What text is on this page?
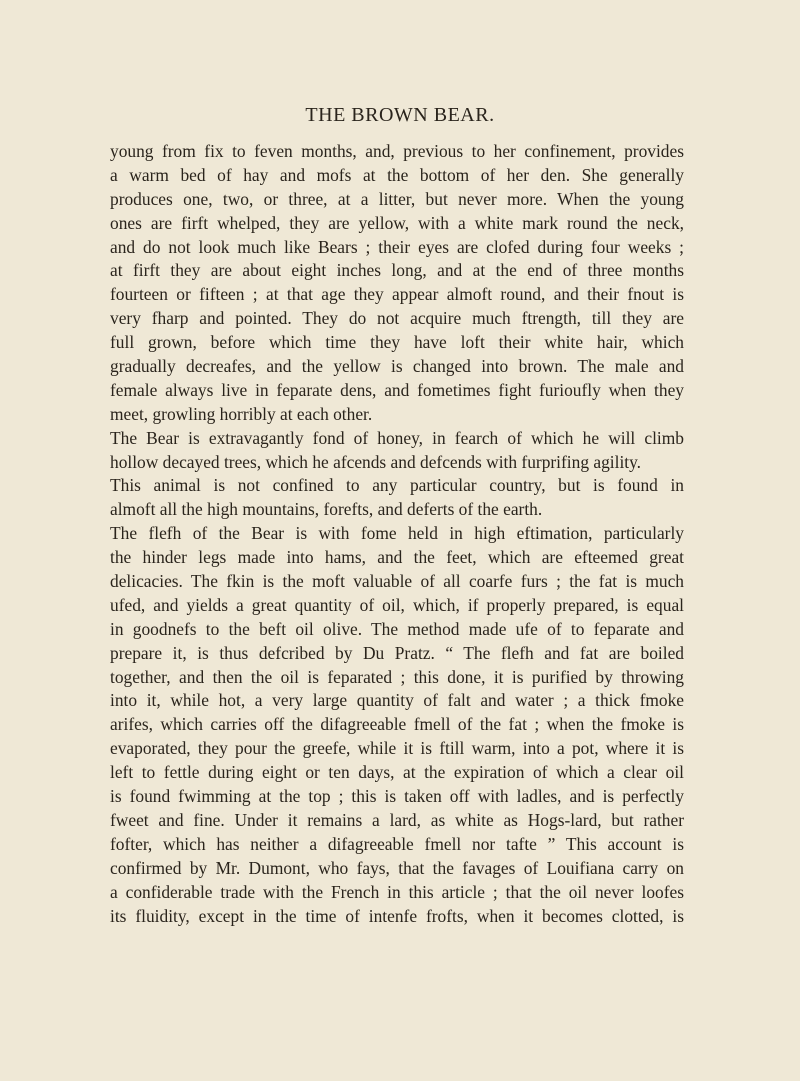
THE BROWN BEAR.
young from fix to feven months, and, previous to her confinement, provides
a warm bed of hay and mofs at the bottom of her den. She generally
produces one, two, or three, at a litter, but never more. When the young
ones are firft whelped, they are yellow, with a white mark round the neck,
and do not look much like Bears ; their eyes are clofed during four weeks ;
at firft they are about eight inches long, and at the end of three months
fourteen or fifteen ; at that age they appear almoft round, and their fnout is
very fharp and pointed. They do not acquire much ftrength, till they are
full grown, before which time they have loft their white hair, which
gradually decreafes, and the yellow is changed into brown. The male and
female always live in feparate dens, and fometimes fight furioufly when they
meet, growling horribly at each other.
The Bear is extravagantly fond of honey, in fearch of which he will climb
hollow decayed trees, which he afcends and defcends with furprifing agility.
This animal is not confined to any particular country, but is found in
almoft all the high mountains, forefts, and deferts of the earth.
The flefh of the Bear is with fome held in high eftimation, particularly
the hinder legs made into hams, and the feet, which are efteemed great
delicacies. The fkin is the moft valuable of all coarfe furs ; the fat is much
ufed, and yields a great quantity of oil, which, if properly prepared, is equal
in goodnefs to the beft oil olive. The method made ufe of to feparate and
prepare it, is thus defcribed by Du Pratz. “ The flefh and fat are boiled
together, and then the oil is feparated ; this done, it is purified by throwing
into it, while hot, a very large quantity of falt and water ; a thick fmoke
arifes, which carries off the difagreeable fmell of the fat ; when the fmoke is
evaporated, they pour the greefe, while it is ftill warm, into a pot, where it is
left to fettle during eight or ten days, at the expiration of which a clear oil
is found fwimming at the top ; this is taken off with ladles, and is perfectly
fweet and fine. Under it remains a lard, as white as Hogs-lard, but rather
fofter, which has neither a difagreeable fmell nor tafte ” This account is
confirmed by Mr. Dumont, who fays, that the favages of Louifiana carry on
a confiderable trade with the French in this article ; that the oil never loofes
its fluidity, except in the time of intenfe frofts, when it becomes clotted, is
